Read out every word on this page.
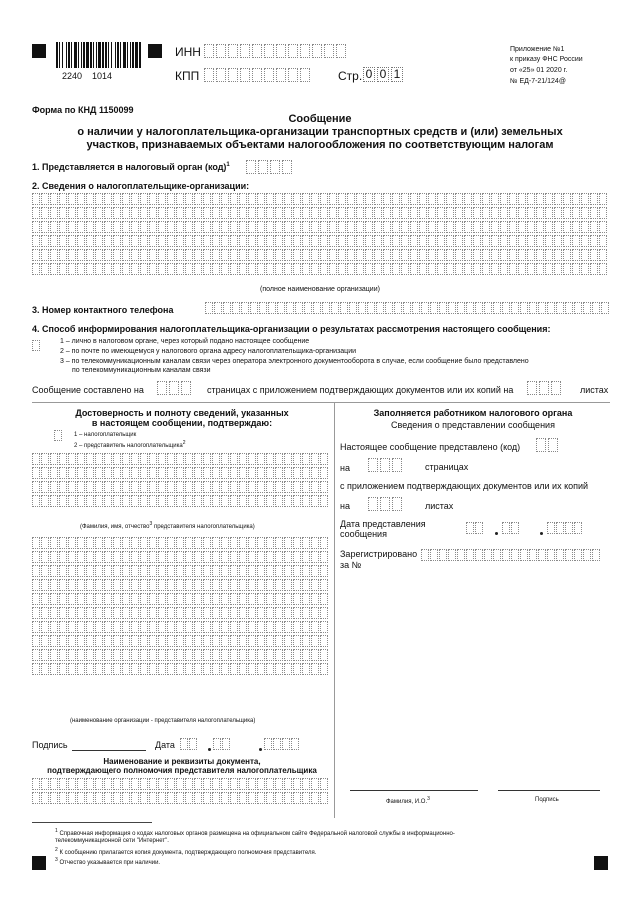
2240    1014
ИНН
КПП	Стр. 0 0 1
Приложение №1
к приказу ФНС России
от «25» 01 2020 г.
№ ЕД-7-21/124@
Форма по КНД 1150099
Сообщение
о наличии у налогоплательщика-организации транспортных средств и (или) земельных
участков, признаваемых объектами налогообложения по соответствующим налогам
1. Представляется в налоговый орган (код)$^1$
2. Сведения о налогоплательщике-организации:
(полное наименование организации)
3. Номер контактного телефона
4. Способ информирования налогоплательщика-организации о результатах рассмотрения настоящего сообщения:
1 – лично в налоговом органе, через который подано настоящее сообщение
2 – по почте по имеющемуся у налогового органа адресу налогоплательщика-организации
3 – по телекоммуникационным каналам связи через оператора электронного документооборота в случае, если сообщение было представлено
по телекоммуникационным каналам связи
Сообщение составлено на	страницах с приложением подтверждающих документов или их копий на	листах
Достоверность и полноту сведений, указанных
в настоящем сообщении, подтверждаю:
1 – налогоплательщик
2 – представитель налогоплательщика$^2$
(Фамилия, имя, отчество$^3$ представителя налогоплательщика)
(наименование организации - представителя налогоплательщика)
Подпись	Дата
Наименование и реквизиты документа,
подтверждающего полномочия представителя налогоплательщика
Заполняется работником налогового органа
Сведения о представлении сообщения
Настоящее сообщение представлено (код)
на	страницах
с приложением подтверждающих документов или их копий
на	листах
Дата представления
сообщения
Зарегистрировано
за №
Фамилия, И.О.$^3$	Подпись
$^1$ Справочная информация о кодах налоговых органов размещена на официальном сайте Федеральной налоговой службы в информационно-
телекоммуникационной сети "Интернет".
$^2$ К сообщению прилагается копия документа, подтверждающего полномочия представителя.
$^3$ Отчество указывается при наличии.
